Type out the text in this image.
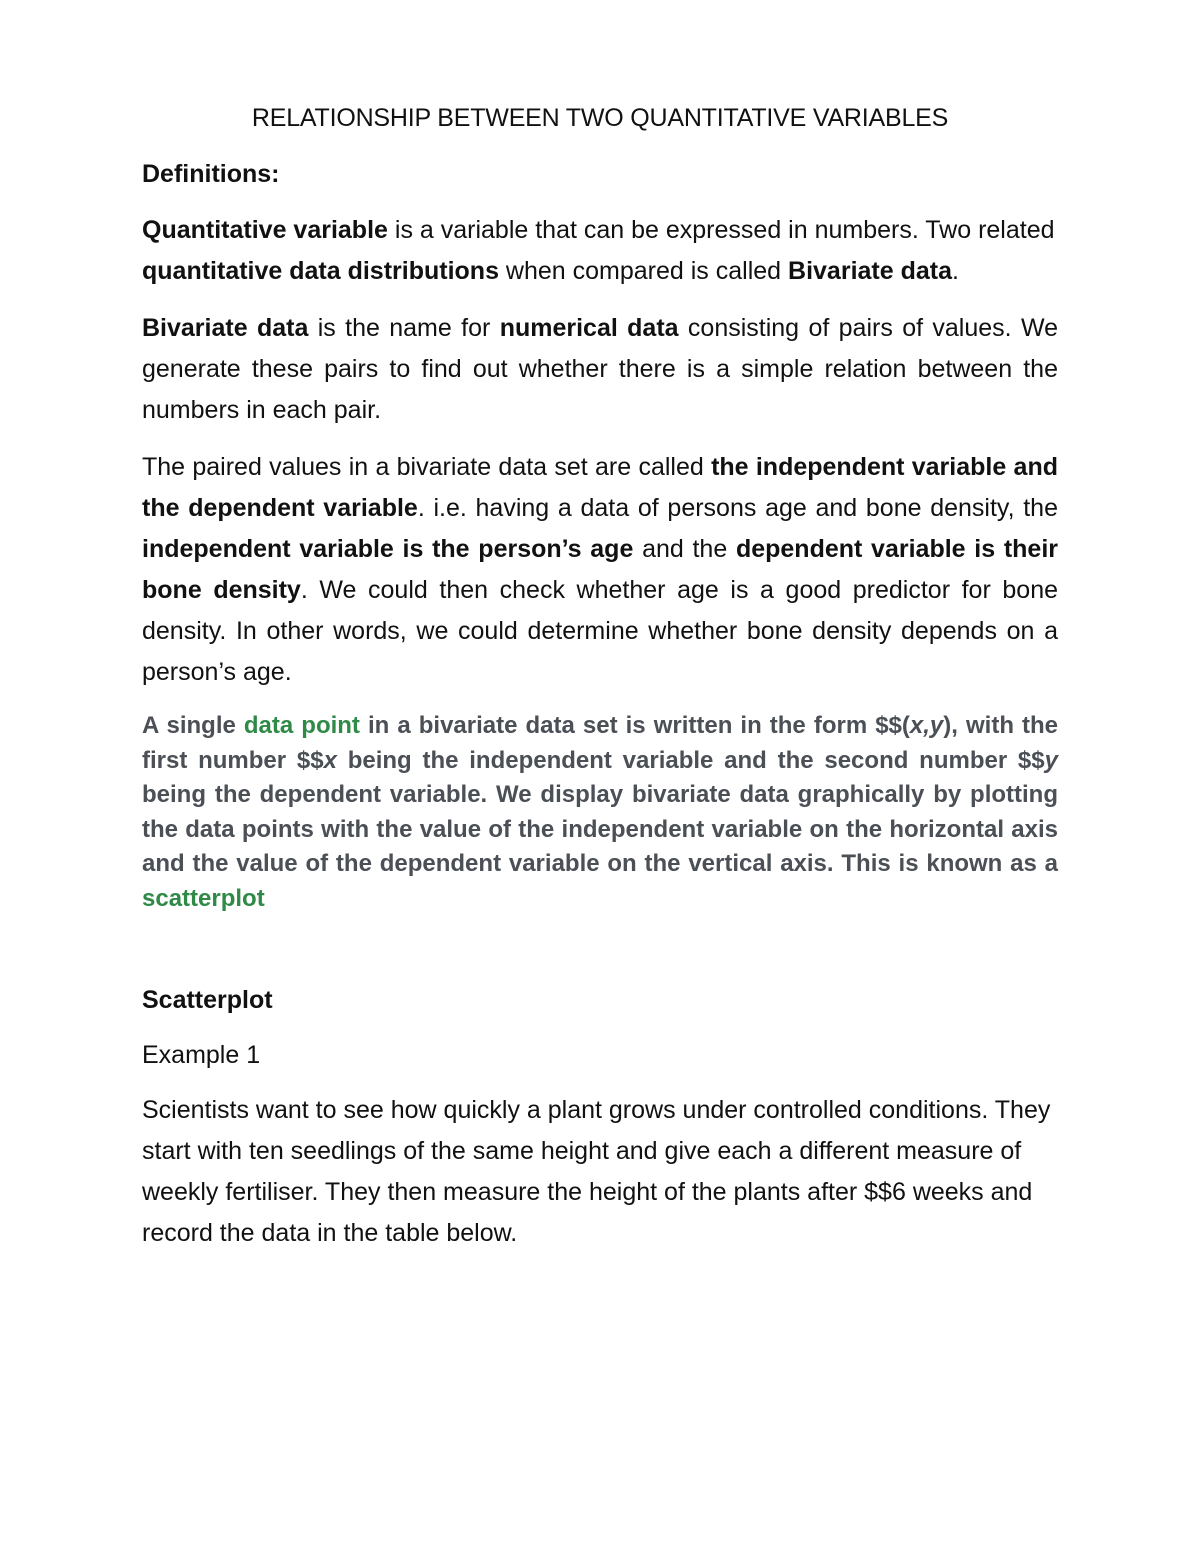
RELATIONSHIP BETWEEN TWO QUANTITATIVE VARIABLES
Definitions:
Quantitative variable is a variable that can be expressed in numbers. Two related quantitative data distributions when compared is called Bivariate data.
Bivariate data is the name for numerical data consisting of pairs of values. We generate these pairs to find out whether there is a simple relation between the numbers in each pair.
The paired values in a bivariate data set are called the independent variable and the dependent variable. i.e. having a data of persons age and bone density, the independent variable is the person’s age and the dependent variable is their bone density. We could then check whether age is a good predictor for bone density. In other words, we could determine whether bone density depends on a person’s age.
A single data point in a bivariate data set is written in the form $$(x,y), with the first number $$x being the independent variable and the second number $$y being the dependent variable. We display bivariate data graphically by plotting the data points with the value of the independent variable on the horizontal axis and the value of the dependent variable on the vertical axis. This is known as a scatterplot
Scatterplot
Example 1
Scientists want to see how quickly a plant grows under controlled conditions. They start with ten seedlings of the same height and give each a different measure of weekly fertiliser. They then measure the height of the plants after $$6 weeks and record the data in the table below.
